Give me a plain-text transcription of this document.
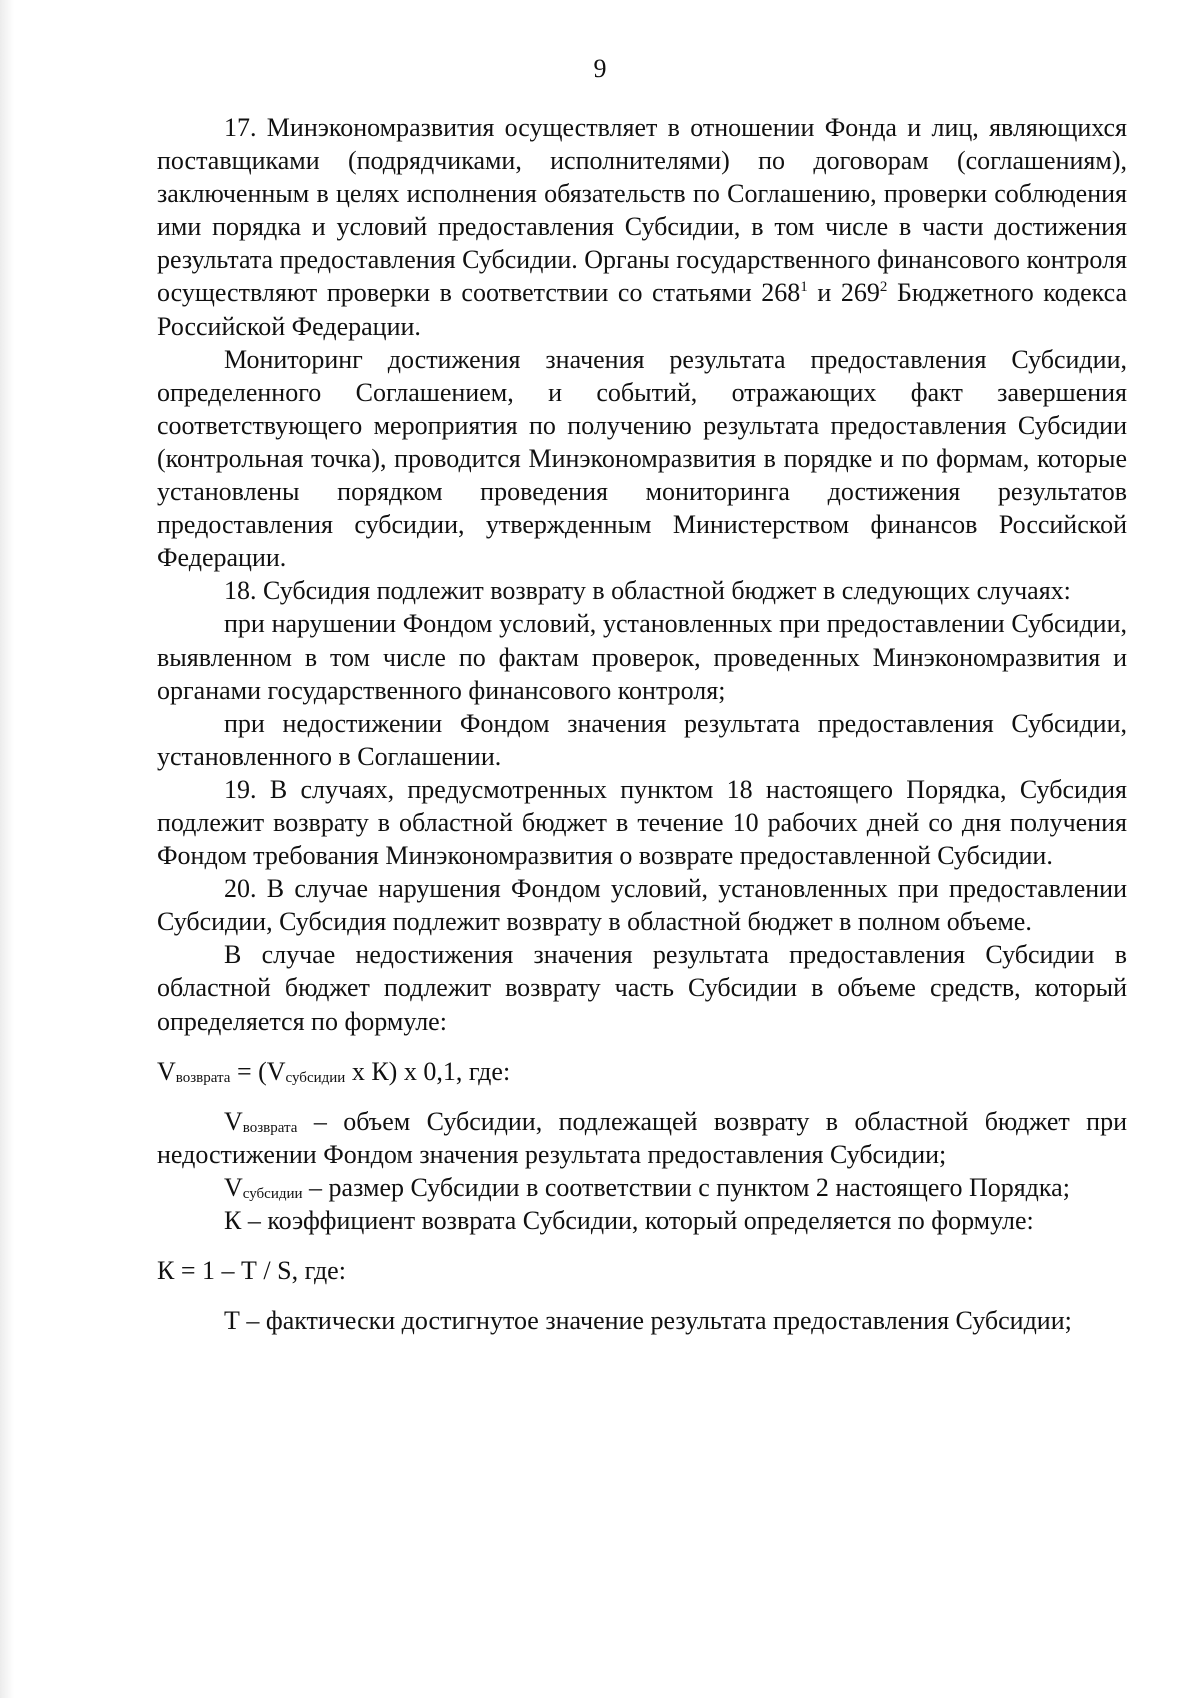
9

17. Минэкономразвития осуществляет в отношении Фонда и лиц, являющихся поставщиками (подрядчиками, исполнителями) по договорам (соглашениям), заключенным в целях исполнения обязательств по Соглашению, проверки соблюдения ими порядка и условий предоставления Субсидии, в том числе в части достижения результата предоставления Субсидии. Органы государственного финансового контроля осуществляют проверки в соответствии со статьями $268^1$ и $269^2$ Бюджетного кодекса Российской Федерации.

Мониторинг достижения значения результата предоставления Субсидии, определенного Соглашением, и событий, отражающих факт завершения соответствующего мероприятия по получению результата предоставления Субсидии (контрольная точка), проводится Минэкономразвития в порядке и по формам, которые установлены порядком проведения мониторинга достижения результатов предоставления субсидии, утвержденным Министерством финансов Российской Федерации.

18. Субсидия подлежит возврату в областной бюджет в следующих случаях:

при нарушении Фондом условий, установленных при предоставлении Субсидии, выявленном в том числе по фактам проверок, проведенных Минэкономразвития и органами государственного финансового контроля;

при недостижении Фондом значения результата предоставления Субсидии, установленного в Соглашении.

19. В случаях, предусмотренных пунктом 18 настоящего Порядка, Субсидия подлежит возврату в областной бюджет в течение 10 рабочих дней со дня получения Фондом требования Минэкономразвития о возврате предоставленной Субсидии.

20. В случае нарушения Фондом условий, установленных при предоставлении Субсидии, Субсидия подлежит возврату в областной бюджет в полном объеме.

В случае недостижения значения результата предоставления Субсидии в областной бюджет подлежит возврату часть Субсидии в объеме средств, который определяется по формуле:

$V_{возврата} = (V_{субсидии}$ x К) x 0,1, где:

$V_{возврата}$ – объем Субсидии, подлежащей возврату в областной бюджет при недостижении Фондом значения результата предоставления Субсидии;

$V_{субсидии}$ – размер Субсидии в соответствии с пунктом 2 настоящего Порядка;

К – коэффициент возврата Субсидии, который определяется по формуле:

К = 1 – Т / S, где:

Т – фактически достигнутое значение результата предоставления Субсидии;
